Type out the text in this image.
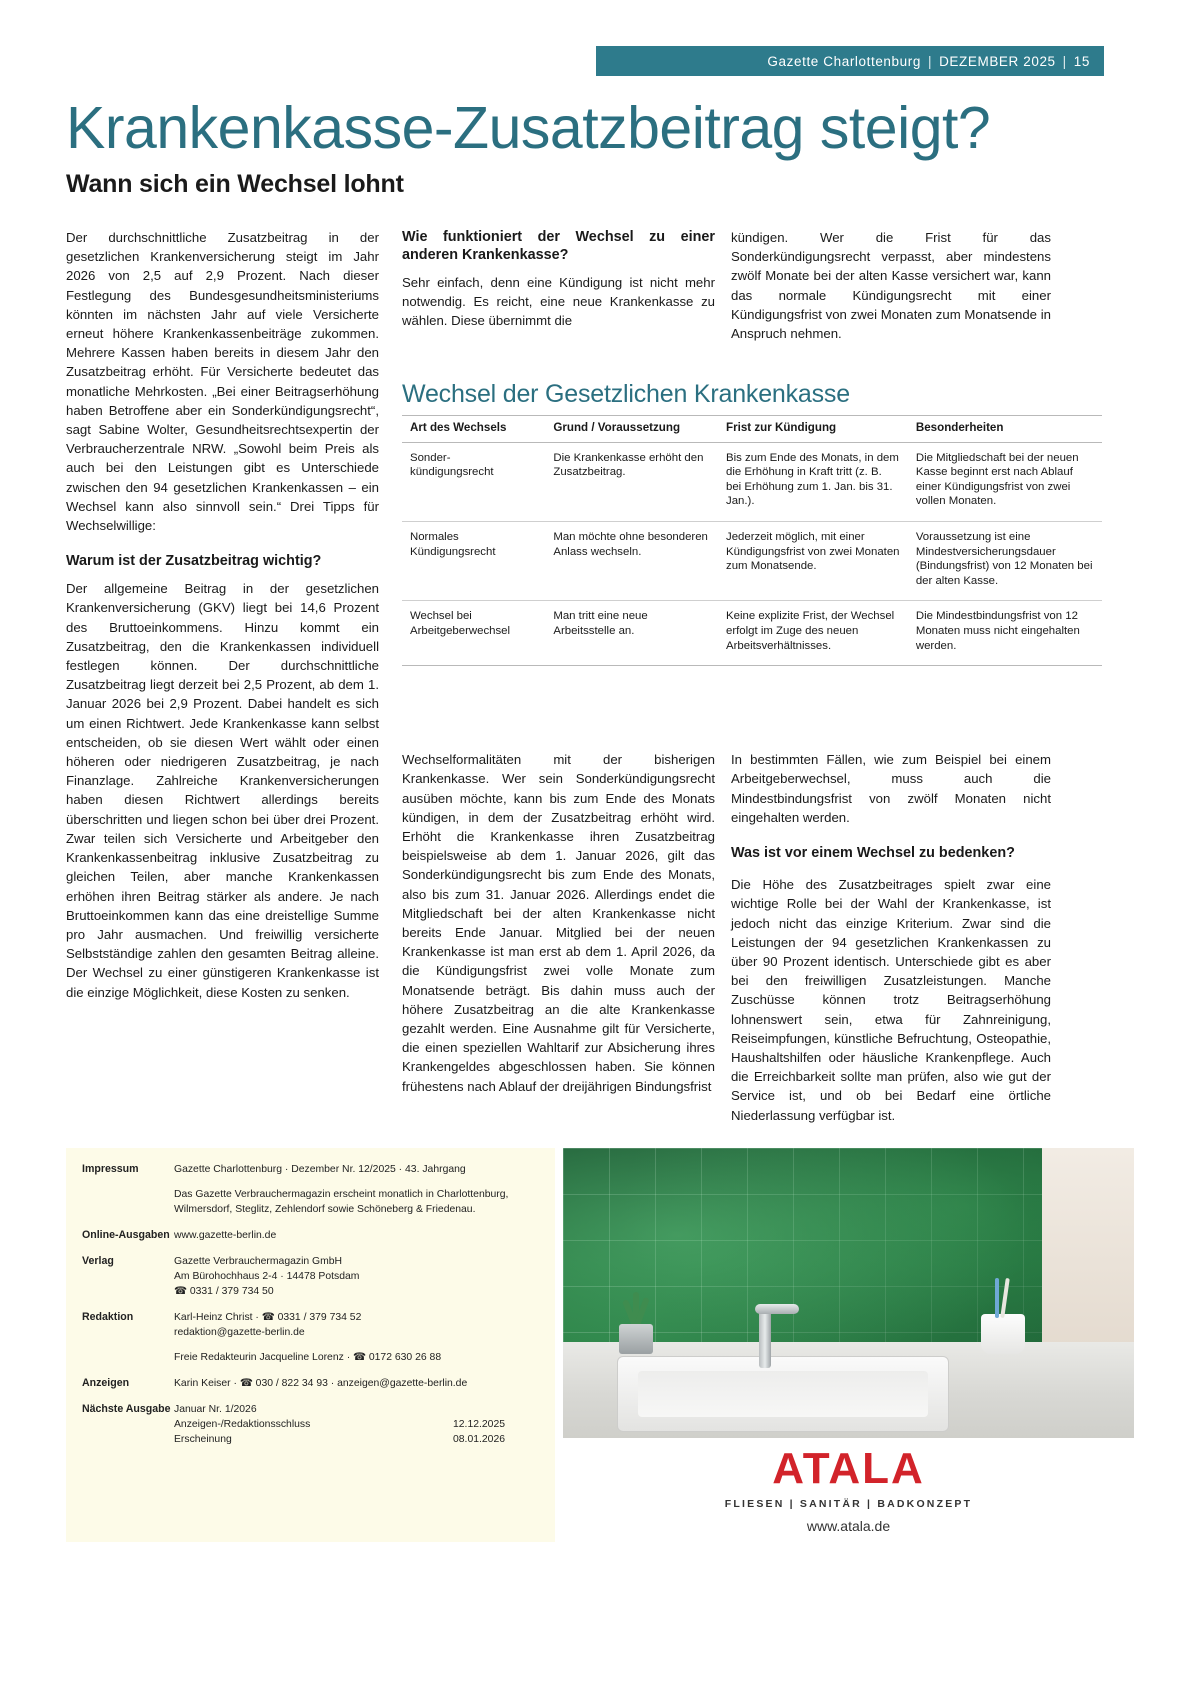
Gazette Charlottenburg | DEZEMBER 2025 | 15
Krankenkasse-Zusatzbeitrag steigt?
Wann sich ein Wechsel lohnt

Der durchschnittliche Zusatzbeitrag in der gesetzlichen Krankenversicherung steigt im Jahr 2026 von 2,5 auf 2,9 Prozent. Nach dieser Festlegung des Bundesgesundheitsministeriums könnten im nächsten Jahr auf viele Versicherte erneut höhere Krankenkassenbeiträge zukommen. Mehrere Kassen haben bereits in diesem Jahr den Zusatzbeitrag erhöht. Für Versicherte bedeutet das monatliche Mehrkosten. „Bei einer Beitragserhöhung haben Betroffene aber ein Sonderkündigungsrecht“, sagt Sabine Wolter, Gesundheitsrechtsexpertin der Verbraucherzentrale NRW. „Sowohl beim Preis als auch bei den Leistungen gibt es Unterschiede zwischen den 94 gesetzlichen Krankenkassen – ein Wechsel kann also sinnvoll sein.“ Drei Tipps für Wechselwillige:

Warum ist der Zusatzbeitrag wichtig?

Der allgemeine Beitrag in der gesetzlichen Krankenversicherung (GKV) liegt bei 14,6 Prozent des Bruttoeinkommens. Hinzu kommt ein Zusatzbeitrag, den die Krankenkassen individuell festlegen können. Der durchschnittliche Zusatzbeitrag liegt derzeit bei 2,5 Prozent, ab dem 1. Januar 2026 bei 2,9 Prozent. Dabei handelt es sich um einen Richtwert. Jede Krankenkasse kann selbst entscheiden, ob sie diesen Wert wählt oder einen höheren oder niedrigeren Zusatzbeitrag, je nach Finanzlage. Zahlreiche Krankenversicherungen haben diesen Richtwert allerdings bereits überschritten und liegen schon bei über drei Prozent. Zwar teilen sich Versicherte und Arbeitgeber den Krankenkassenbeitrag inklusive Zusatzbeitrag zu gleichen Teilen, aber manche Krankenkassen erhöhen ihren Beitrag stärker als andere. Je nach Bruttoeinkommen kann das eine dreistellige Summe pro Jahr ausmachen. Und freiwillig versicherte Selbstständige zahlen den gesamten Beitrag alleine. Der Wechsel zu einer günstigeren Krankenkasse ist die einzige Möglichkeit, diese Kosten zu senken.

Wie funktioniert der Wechsel zu einer anderen Krankenkasse?

Sehr einfach, denn eine Kündigung ist nicht mehr notwendig. Es reicht, eine neue Krankenkasse zu wählen. Diese übernimmt die

kündigen. Wer die Frist für das Sonderkündigungsrecht verpasst, aber mindestens zwölf Monate bei der alten Kasse versichert war, kann das normale Kündigungsrecht mit einer Kündigungsfrist von zwei Monaten zum Monatsende in Anspruch nehmen.

Wechsel der Gesetzlichen Krankenkasse
Art des Wechsels	Grund / Voraussetzung	Frist zur Kündigung	Besonderheiten
Sonder-
kündigungsrecht	Die Krankenkasse erhöht den Zusatzbeitrag.	Bis zum Ende des Monats, in dem die Erhöhung in Kraft tritt (z. B. bei Erhöhung zum 1. Jan. bis 31. Jan.).	Die Mitgliedschaft bei der neuen Kasse beginnt erst nach Ablauf einer Kündigungsfrist von zwei vollen Monaten.
Normales
Kündigungsrecht	Man möchte ohne besonderen Anlass wechseln.	Jederzeit möglich, mit einer Kündigungsfrist von zwei Monaten zum Monatsende.	Voraussetzung ist eine Mindestversicherungsdauer (Bindungsfrist) von 12 Monaten bei der alten Kasse.
Wechsel bei
Arbeitgeberwechsel	Man tritt eine neue Arbeitsstelle an.	Keine explizite Frist, der Wechsel erfolgt im Zuge des neuen Arbeitsverhältnisses.	Die Mindestbindungsfrist von 12 Monaten muss nicht eingehalten werden.

Wechselformalitäten mit der bisherigen Krankenkasse. Wer sein Sonderkündigungsrecht ausüben möchte, kann bis zum Ende des Monats kündigen, in dem der Zusatzbeitrag erhöht wird. Erhöht die Krankenkasse ihren Zusatzbeitrag beispielsweise ab dem 1. Januar 2026, gilt das Sonderkündigungsrecht bis zum Ende des Monats, also bis zum 31. Januar 2026. Allerdings endet die Mitgliedschaft bei der alten Krankenkasse nicht bereits Ende Januar. Mitglied bei der neuen Krankenkasse ist man erst ab dem 1. April 2026, da die Kündigungsfrist zwei volle Monate zum Monatsende beträgt. Bis dahin muss auch der höhere Zusatzbeitrag an die alte Krankenkasse gezahlt werden. Eine Ausnahme gilt für Versicherte, die einen speziellen Wahltarif zur Absicherung ihres Krankengeldes abgeschlossen haben. Sie können frühestens nach Ablauf der dreijährigen Bindungsfrist

In bestimmten Fällen, wie zum Beispiel bei einem Arbeitgeberwechsel, muss auch die Mindestbindungsfrist von zwölf Monaten nicht eingehalten werden.

Was ist vor einem Wechsel zu bedenken?

Die Höhe des Zusatzbeitrages spielt zwar eine wichtige Rolle bei der Wahl der Krankenkasse, ist jedoch nicht das einzige Kriterium. Zwar sind die Leistungen der 94 gesetzlichen Krankenkassen zu über 90 Prozent identisch. Unterschiede gibt es aber bei den freiwilligen Zusatzleistungen. Manche Zuschüsse können trotz Beitragserhöhung lohnenswert sein, etwa für Zahnreinigung, Reiseimpfungen, künstliche Befruchtung, Osteopathie, Haushaltshilfen oder häusliche Krankenpflege. Auch die Erreichbarkeit sollte man prüfen, also wie gut der Service ist, und ob bei Bedarf eine örtliche Niederlassung verfügbar ist.

Impressum	Gazette Charlottenburg · Dezember Nr. 12/2025 · 43. Jahrgang
Das Gazette Verbrauchermagazin erscheint monatlich in Charlottenburg,
Wilmersdorf, Steglitz, Zehlendorf sowie Schöneberg & Friedenau.
Online-Ausgaben www.gazette-berlin.de
Verlag	Gazette Verbrauchermagazin GmbH
Am Bürohochhaus 2-4 · 14478 Potsdam
☎ 0331 / 379 734 50
Redaktion	Karl-Heinz Christ · ☎ 0331 / 379 734 52
redaktion@gazette-berlin.de
Freie Redakteurin Jacqueline Lorenz · ☎ 0172 630 26 88
Anzeigen	Karin Keiser · ☎ 030 / 822 34 93 · anzeigen@gazette-berlin.de
Nächste Ausgabe Januar Nr. 1/2026
Anzeigen-/Redaktionsschluss	12.12.2025
Erscheinung	08.01.2026
ATALA
FLIESEN | SANITÄR | BADKONZEPT
www.atala.de
